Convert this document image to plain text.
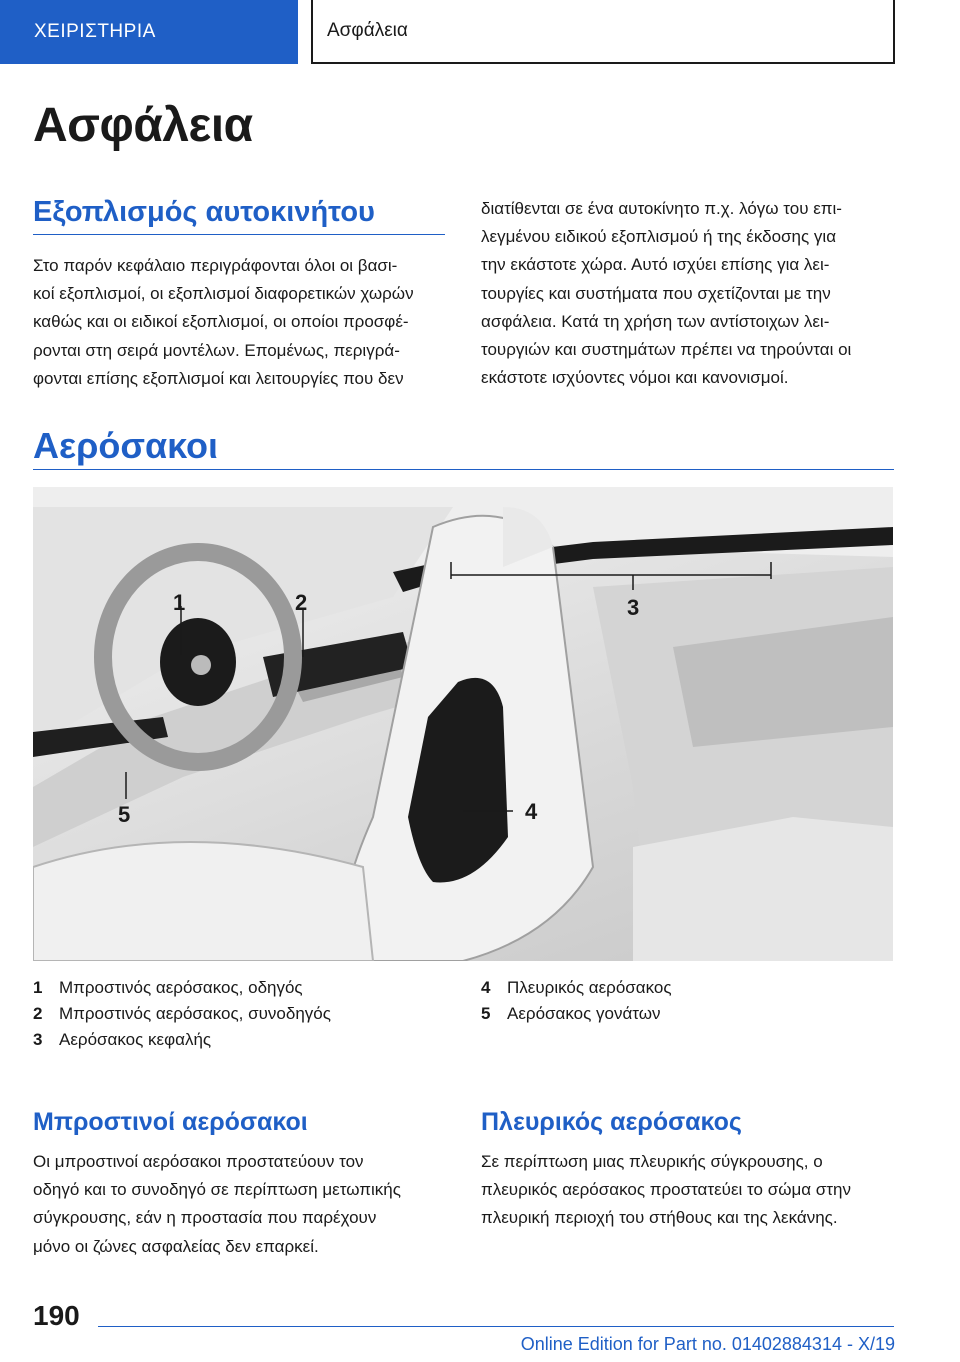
ΧΕΙΡΙΣΤΗΡΙΑ	Ασφάλεια
Ασφάλεια
Εξοπλισμός αυτοκινήτου
Στο παρόν κεφάλαιο περιγράφονται όλοι οι βασι-
κοί εξοπλισμοί, οι εξοπλισμοί διαφορετικών χωρών
καθώς και οι ειδικοί εξοπλισμοί, οι οποίοι προσφέ-
ρονται στη σειρά μοντέλων. Επομένως, περιγρά-
φονται επίσης εξοπλισμοί και λειτουργίες που δεν
διατίθενται σε ένα αυτοκίνητο π.χ. λόγω του επι-
λεγμένου ειδικού εξοπλισμού ή της έκδοσης για
την εκάστοτε χώρα. Αυτό ισχύει επίσης για λει-
τουργίες και συστήματα που σχετίζονται με την
ασφάλεια. Κατά τη χρήση των αντίστοιχων λει-
τουργιών και συστημάτων πρέπει να τηρούνται οι
εκάστοτε ισχύοντες νόμοι και κανονισμοί.
Αερόσακοι
1	2	3
4
5
1 Μπροστινός αερόσακος, οδηγός
2 Μπροστινός αερόσακος, συνοδηγός
3 Αερόσακος κεφαλής
4 Πλευρικός αερόσακος
5 Αερόσακος γονάτων
Μπροστινοί αερόσακοι
Οι μπροστινοί αερόσακοι προστατεύουν τον
οδηγό και το συνοδηγό σε περίπτωση μετωπικής
σύγκρουσης, εάν η προστασία που παρέχουν
μόνο οι ζώνες ασφαλείας δεν επαρκεί.
Πλευρικός αερόσακος
Σε περίπτωση μιας πλευρικής σύγκρουσης, ο
πλευρικός αερόσακος προστατεύει το σώμα στην
πλευρική περιοχή του στήθους και της λεκάνης.
190
Online Edition for Part no. 01402884314 - X/19
